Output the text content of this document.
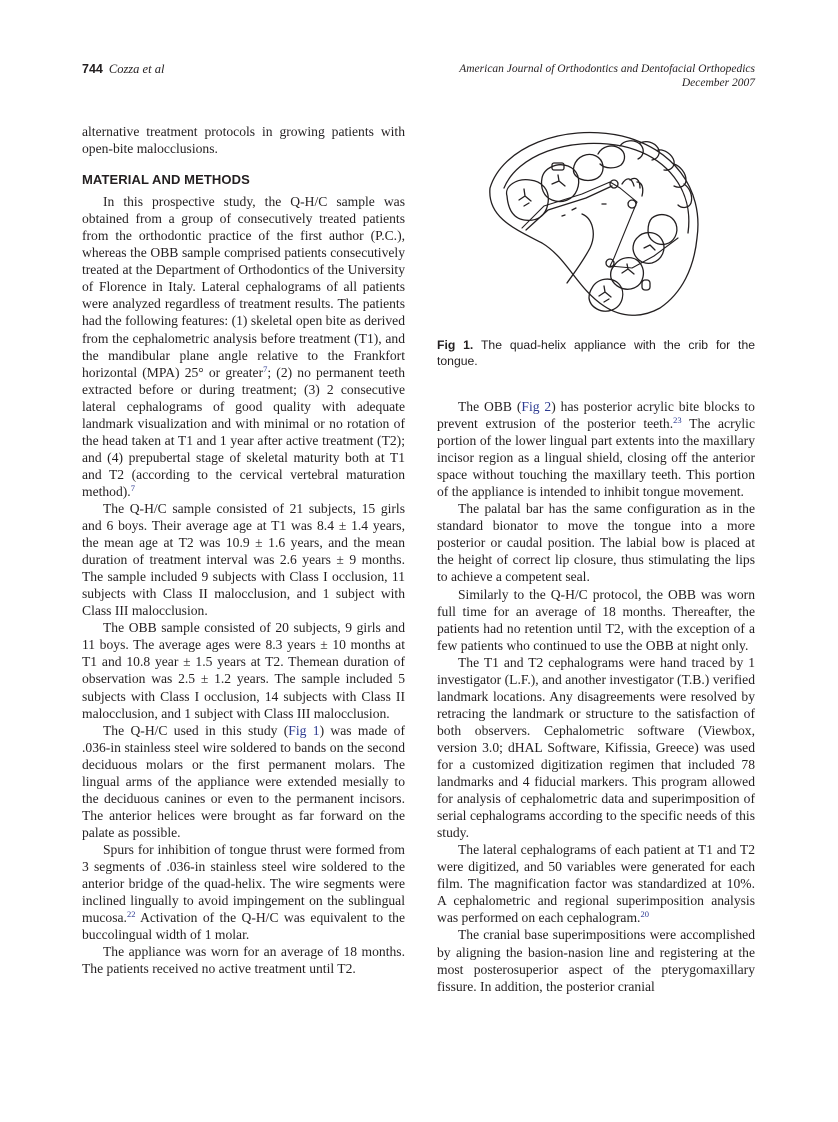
744 Cozza et al	American Journal of Orthodontics and Dentofacial Orthopedics
December 2007

alternative treatment protocols in growing patients with open-bite malocclusions.

MATERIAL AND METHODS

In this prospective study, the Q-H/C sample was obtained from a group of consecutively treated patients from the orthodontic practice of the first author (P.C.), whereas the OBB sample comprised patients consecutively treated at the Department of Orthodontics of the University of Florence in Italy. Lateral cephalograms of all patients were analyzed regardless of treatment results. The patients had the following features: (1) skeletal open bite as derived from the cephalometric analysis before treatment (T1), and the mandibular plane angle relative to the Frankfort horizontal (MPA) 25° or greater$^7$; (2) no permanent teeth extracted before or during treatment; (3) 2 consecutive lateral cephalograms of good quality with adequate landmark visualization and with minimal or no rotation of the head taken at T1 and 1 year after active treatment (T2); and (4) prepubertal stage of skeletal maturity both at T1 and T2 (according to the cervical vertebral maturation method).$^7$

The Q-H/C sample consisted of 21 subjects, 15 girls and 6 boys. Their average age at T1 was 8.4 ± 1.4 years, the mean age at T2 was 10.9 ± 1.6 years, and the mean duration of treatment interval was 2.6 years ± 9 months. The sample included 9 subjects with Class I occlusion, 11 subjects with Class II malocclusion, and 1 subject with Class III malocclusion.

The OBB sample consisted of 20 subjects, 9 girls and 11 boys. The average ages were 8.3 years ± 10 months at T1 and 10.8 year ± 1.5 years at T2. Themean duration of observation was 2.5 ± 1.2 years. The sample included 5 subjects with Class I occlusion, 14 subjects with Class II malocclusion, and 1 subject with Class III malocclusion.

The Q-H/C used in this study (Fig 1) was made of .036-in stainless steel wire soldered to bands on the second deciduous molars or the first permanent molars. The lingual arms of the appliance were extended mesially to the deciduous canines or even to the permanent incisors. The anterior helices were brought as far forward on the palate as possible.

Spurs for inhibition of tongue thrust were formed from 3 segments of .036-in stainless steel wire soldered to the anterior bridge of the quad-helix. The wire segments were inclined lingually to avoid impingement on the sublingual mucosa.$^{22}$ Activation of the Q-H/C was equivalent to the buccolingual width of 1 molar.

The appliance was worn for an average of 18 months. The patients received no active treatment until T2.

Fig 1. The quad-helix appliance with the crib for the tongue.

The OBB (Fig 2) has posterior acrylic bite blocks to prevent extrusion of the posterior teeth.$^{23}$ The acrylic portion of the lower lingual part extents into the maxillary incisor region as a lingual shield, closing off the anterior space without touching the maxillary teeth. This portion of the appliance is intended to inhibit tongue movement.

The palatal bar has the same configuration as in the standard bionator to move the tongue into a more posterior or caudal position. The labial bow is placed at the height of correct lip closure, thus stimulating the lips to achieve a competent seal.

Similarly to the Q-H/C protocol, the OBB was worn full time for an average of 18 months. Thereafter, the patients had no retention until T2, with the exception of a few patients who continued to use the OBB at night only.

The T1 and T2 cephalograms were hand traced by 1 investigator (L.F.), and another investigator (T.B.) verified landmark locations. Any disagreements were resolved by retracing the landmark or structure to the satisfaction of both observers. Cephalometric software (Viewbox, version 3.0; dHAL Software, Kifissia, Greece) was used for a customized digitization regimen that included 78 landmarks and 4 fiducial markers. This program allowed for analysis of cephalometric data and superimposition of serial cephalograms according to the specific needs of this study.

The lateral cephalograms of each patient at T1 and T2 were digitized, and 50 variables were generated for each film. The magnification factor was standardized at 10%. A cephalometric and regional superimposition analysis was performed on each cephalogram.$^{20}$

The cranial base superimpositions were accomplished by aligning the basion-nasion line and registering at the most posterosuperior aspect of the pterygomaxillary fissure. In addition, the posterior cranial
